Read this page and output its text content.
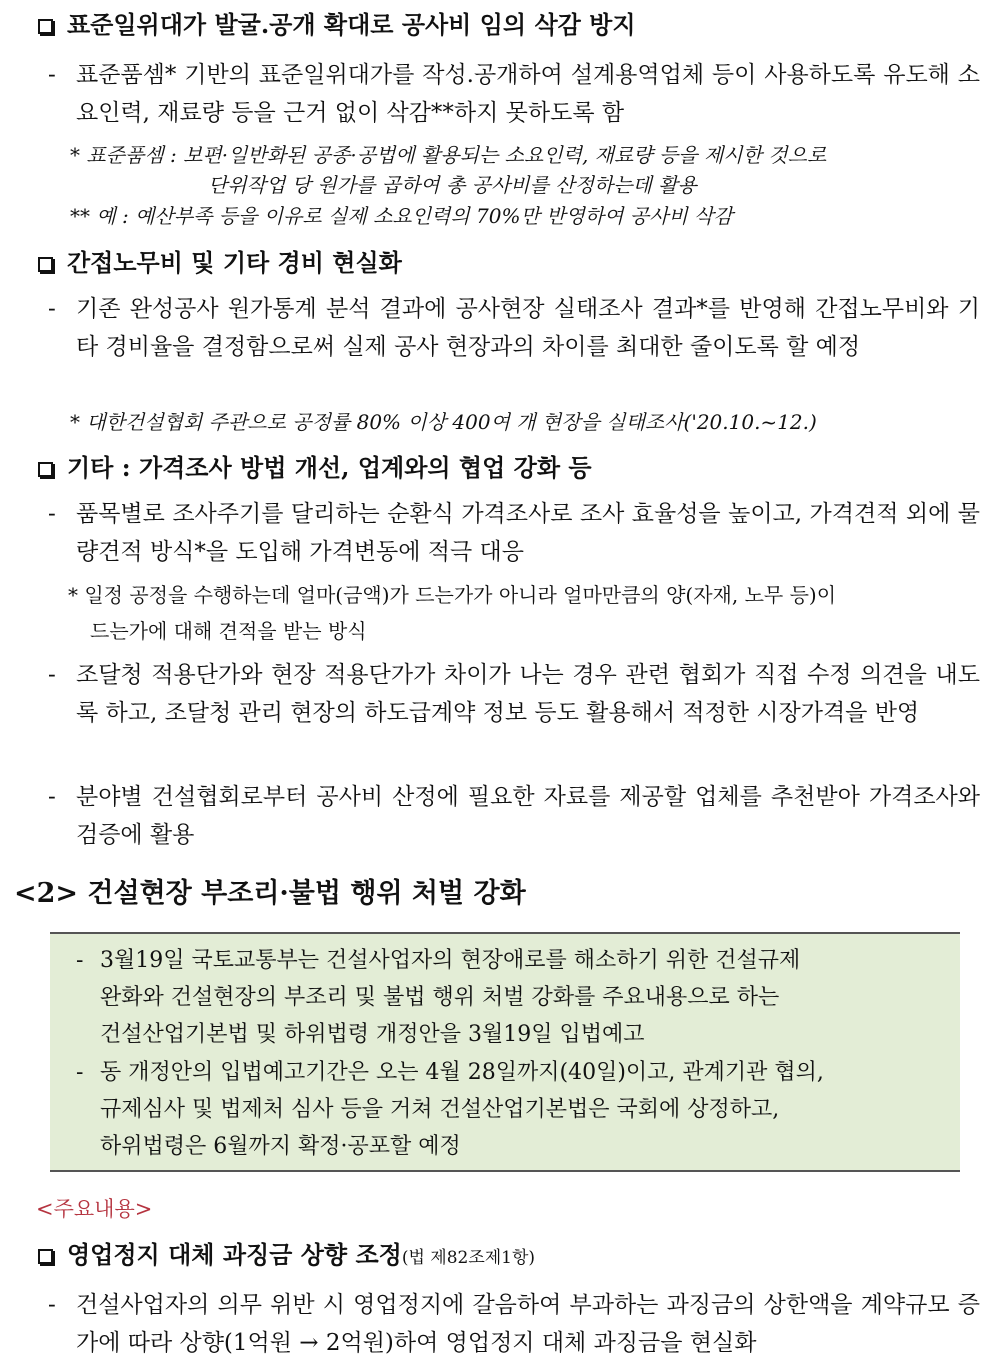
표준일위대가 발굴.공개 확대로 공사비 임의 삭감 방지
- 표준품셈* 기반의 표준일위대가를 작성.공개하여 설계용역업체 등이 사용하도록 유도해 소요인력, 재료량 등을 근거 없이 삭감**하지 못하도록 함
* 표준품셈 : 보편·일반화된 공종·공법에 활용되는 소요인력, 재료량 등을 제시한 것으로
단위작업 당 원가를 곱하여 총 공사비를 산정하는데 활용
** 예 : 예산부족 등을 이유로 실제 소요인력의 70%만 반영하여 공사비 삭감
간접노무비 및 기타 경비 현실화
- 기존 완성공사 원가통계 분석 결과에 공사현장 실태조사 결과*를 반영해 간접노무비와 기타 경비율을 결정함으로써 실제 공사 현장과의 차이를 최대한 줄이도록 할 예정
* 대한건설협회 주관으로 공정률 80% 이상 400여 개 현장을 실태조사('20.10.~12.)
기타 : 가격조사 방법 개선, 업계와의 협업 강화 등
- 품목별로 조사주기를 달리하는 순환식 가격조사로 조사 효율성을 높이고, 가격견적 외에 물량견적 방식*을 도입해 가격변동에 적극 대응
* 일정 공정을 수행하는데 얼마(금액)가 드는가가 아니라 얼마만큼의 양(자재, 노무 등)이
드는가에 대해 견적을 받는 방식
- 조달청 적용단가와 현장 적용단가가 차이가 나는 경우 관련 협회가 직접 수정 의견을 내도록 하고, 조달청 관리 현장의 하도급계약 정보 등도 활용해서 적정한 시장가격을 반영
- 분야별 건설협회로부터 공사비 산정에 필요한 자료를 제공할 업체를 추천받아 가격조사와 검증에 활용
<2> 건설현장 부조리·불법 행위 처벌 강화
- 3월19일 국토교통부는 건설사업자의 현장애로를 해소하기 위한 건설규제
완화와 건설현장의 부조리 및 불법 행위 처벌 강화를 주요내용으로 하는
건설산업기본법 및 하위법령 개정안을 3월19일 입법예고
- 동 개정안의 입법예고기간은 오는 4월 28일까지(40일)이고, 관계기관 협의,
규제심사 및 법제처 심사 등을 거쳐 건설산업기본법은 국회에 상정하고,
하위법령은 6월까지 확정·공포할 예정
<주요내용>
영업정지 대체 과징금 상향 조정(법 제82조제1항)
- 건설사업자의 의무 위반 시 영업정지에 갈음하여 부과하는 과징금의 상한액을 계약규모 증가에 따라 상향(1억원 → 2억원)하여 영업정지 대체 과징금을 현실화
